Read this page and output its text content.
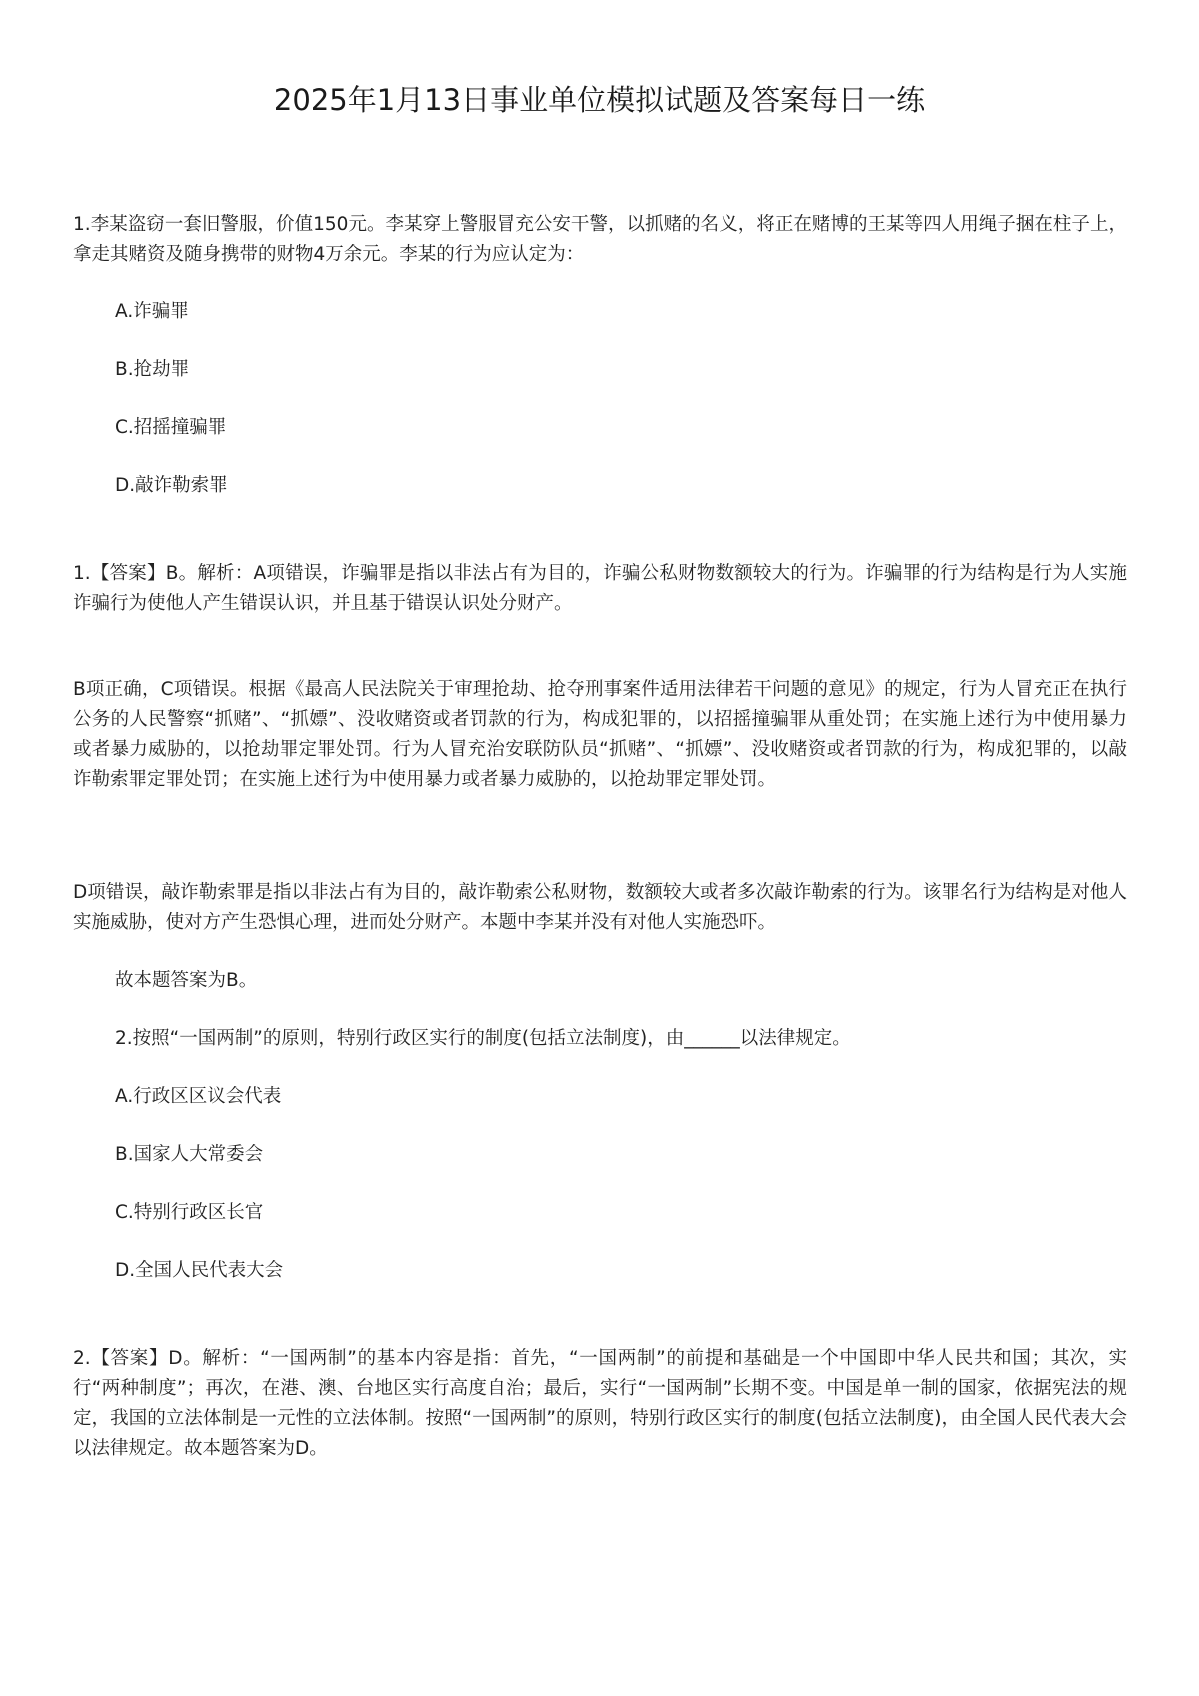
2025年1月13日事业单位模拟试题及答案每日一练

1.李某盗窃一套旧警服，价值150元。李某穿上警服冒充公安干警，以抓赌的名义，将正在赌博的王某等四人用绳子捆在柱子上，拿走其赌资及随身携带的财物4万余元。李某的行为应认定为：

A.诈骗罪

B.抢劫罪

C.招摇撞骗罪

D.敲诈勒索罪

1.【答案】B。解析：A项错误，诈骗罪是指以非法占有为目的，诈骗公私财物数额较大的行为。诈骗罪的行为结构是行为人实施诈骗行为使他人产生错误认识，并且基于错误认识处分财产。

B项正确，C项错误。根据《最高人民法院关于审理抢劫、抢夺刑事案件适用法律若干问题的意见》的规定，行为人冒充正在执行公务的人民警察“抓赌”、“抓嫖”、没收赌资或者罚款的行为，构成犯罪的，以招摇撞骗罪从重处罚；在实施上述行为中使用暴力或者暴力威胁的，以抢劫罪定罪处罚。行为人冒充治安联防队员“抓赌”、“抓嫖”、没收赌资或者罚款的行为，构成犯罪的，以敲诈勒索罪定罪处罚；在实施上述行为中使用暴力或者暴力威胁的，以抢劫罪定罪处罚。

D项错误，敲诈勒索罪是指以非法占有为目的，敲诈勒索公私财物，数额较大或者多次敲诈勒索的行为。该罪名行为结构是对他人实施威胁，使对方产生恐惧心理，进而处分财产。本题中李某并没有对他人实施恐吓。

故本题答案为B。

2.按照“一国两制”的原则，特别行政区实行的制度(包括立法制度)，由______以法律规定。

A.行政区区议会代表

B.国家人大常委会

C.特别行政区长官

D.全国人民代表大会

2.【答案】D。解析：“一国两制”的基本内容是指：首先，“一国两制”的前提和基础是一个中国即中华人民共和国；其次，实行“两种制度”；再次，在港、澳、台地区实行高度自治；最后，实行“一国两制”长期不变。中国是单一制的国家，依据宪法的规定，我国的立法体制是一元性的立法体制。按照“一国两制”的原则，特别行政区实行的制度(包括立法制度)，由全国人民代表大会以法律规定。故本题答案为D。
